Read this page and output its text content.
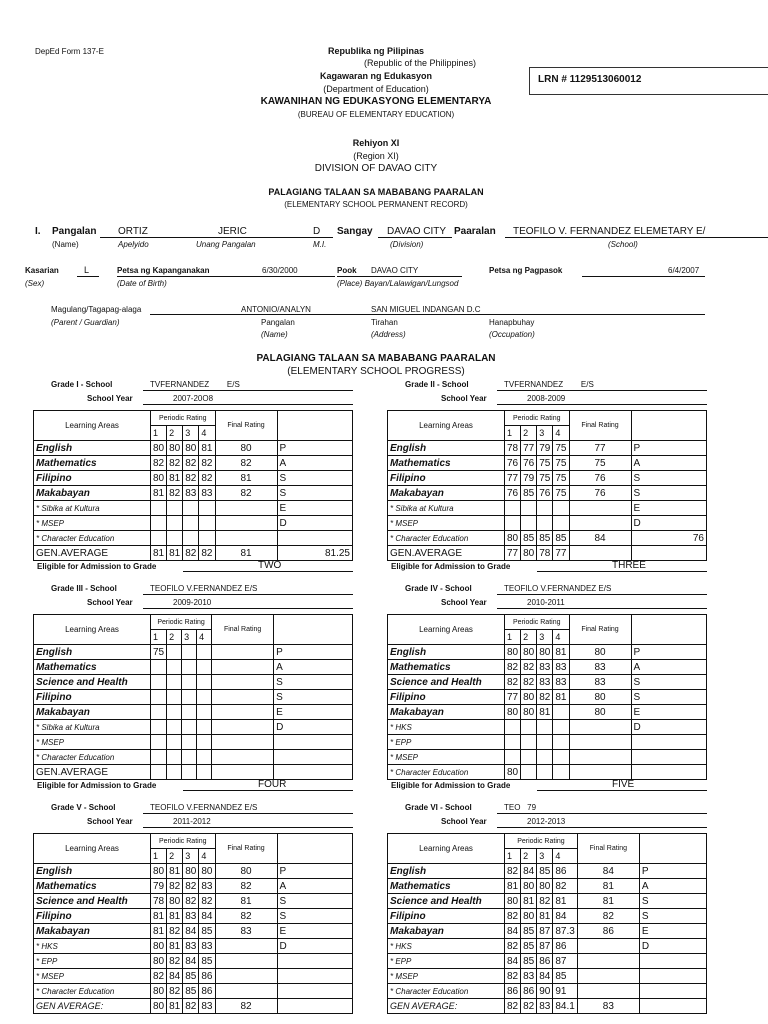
DepEd Form 137-E	Republika ng Pilipinas
(Republic of the Philippines)
Kagawaran ng Edukasyon
(Department of Education)
KAWANIHAN NG EDUKASYONG ELEMENTARYA
(BUREAU OF ELEMENTARY EDUCATION)
Rehiyon XI
(Region XI)
DIVISION OF DAVAO CITY
PALAGIANG TALAAN SA MABABANG PAARALAN
(ELEMENTARY SCHOOL PERMANENT RECORD)
LRN # 1129513060012
I. Pangalan
(Name)
ORTIZ	JERIC	D
Apelyido	Unang Pangalan	M.I.
Sangay DAVAO CITY
(Division)
Paaralan TEOFILO V. FERNANDEZ ELEMETARY E/
(School)
Kasarian	L
(Sex)
Petsa ng Kapanganakan	6/30/2000
(Date of Birth)
Pook DAVAO CITY
(Place) Bayan/Lalawigan/Lungsod
Petsa ng Pagpasok	6/4/2007
Magulang/Tagapag-alaga
(Parent / Guardian)
ANTONIO/ANALYN	SAN MIGUEL INDANGAN D.C
Pangalan
(Name)
Tirahan
(Address)
Hanapbuhay
(Occupation)
PALAGIANG TALAAN SA MABABANG PAARALAN
(ELEMENTARY SCHOOL PROGRESS)
Grade I - School	TVFERNANDEZ        E/S
School Year	2007-20O8
Learning Areas	Periodic Rating				Final Rating	
	1	2	3	4		
English	80	80	80	81	80	P
Mathematics	82	82	82	82	82	A
Filipino	80	81	82	82	81	S
Makabayan	81	82	83	83	82	S
* Sibika at Kultura						E
* MSEP						D
* Character Education						
GEN.AVERAGE	81	81	82	82	81	81.25
Eligible for Admission to Grade	TWO
Grade II - School	TVFERNANDEZ        E/S
School Year	2008-2009
Learning Areas	Periodic Rating				Final Rating	
	1	2	3	4		
English	78	77	79	75	77	P
Mathematics	76	76	75	75	75	A
Filipino	77	79	75	75	76	S
Makabayan	76	85	76	75	76	S
* Sibika at Kultura						E
* MSEP						D
* Character Education	80	85	85	85	84	76
GEN.AVERAGE	77	80	78	77		
Eligible for Admission to Grade	THREE
Grade III - School	TEOFILO V.FERNANDEZ E/S
School Year	2009-2010
Learning Areas	Periodic Rating				Final Rating	
	1	2	3	4		
English	75					P
Mathematics						A
Science and Health						S
Filipino						S
Makabayan						E
* Sibika at Kultura						D
* MSEP						
* Character Education						
GEN.AVERAGE						
Eligible for Admission to Grade	FOUR
Grade IV - School	TEOFILO V.FERNANDEZ E/S
School Year	2010-2011
Learning Areas	Periodic Rating				Final Rating	
	1	2	3	4		
English	80	80	80	81	80	P
Mathematics	82	82	83	83	83	A
Science and Health	82	82	83	83	83	S
Filipino	77	80	82	81	80	S
Makabayan	80	80	81		80	E
* HKS						D
* EPP						
* MSEP						
* Character Education	80					
Eligible for Admission to Grade	FIVE
Grade V - School	TEOFILO V.FERNANDEZ E/S
School Year	2011-2012
Learning Areas	Periodic Rating				Final Rating	
	1	2	3	4		
English	80	81	80	80	80	P
Mathematics	79	82	82	83	82	A
Science and Health	78	80	82	82	81	S
Filipino	81	81	83	84	82	S
Makabayan	81	82	84	85	83	E
* HKS	80	81	83	83		D
* EPP	80	82	84	85		
* MSEP	82	84	85	86		
* Character Education	80	82	85	86		
GEN AVERAGE:	80	81	82	83	82	
Grade VI - School	TEO   79
School Year	2012-2013
Learning Areas	Periodic Rating				Final Rating	
	1	2	3	4		
English	82	84	85	86	84	P
Mathematics	81	80	80	82	81	A
Science and Health	80	81	82	81	81	S
Filipino	82	80	81	84	82	S
Makabayan	84	85	87	87.3	86	E
* HKS	82	85	87	86		D
* EPP	84	85	86	87		
* MSEP	82	83	84	85		
* Character Education	86	86	90	91		
GEN AVERAGE:	82	82	83	84.1	83	
